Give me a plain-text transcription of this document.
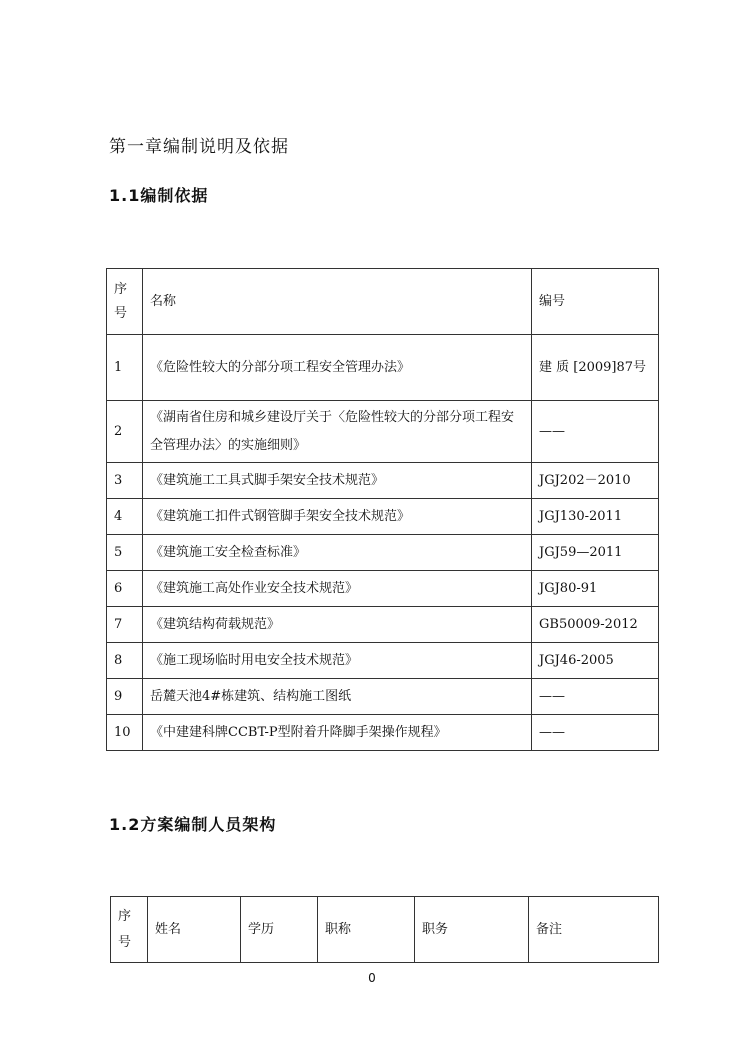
第一章编制说明及依据
1.1编制依据
序号	名称	编号
1	《危险性较大的分部分项工程安全管理办法》	建 质 [2009]87号
2	《湖南省住房和城乡建设厅关于〈危险性较大的分部分项工程安全管理办法〉的实施细则》	——
3	《建筑施工工具式脚手架安全技术规范》	JGJ202－2010
4	《建筑施工扣件式钢管脚手架安全技术规范》	JGJ130-2011
5	《建筑施工安全检查标准》	JGJ59—2011
6	《建筑施工高处作业安全技术规范》	JGJ80-91
7	《建筑结构荷载规范》	GB50009-2012
8	《施工现场临时用电安全技术规范》	JGJ46-2005
9	岳麓天池4#栋建筑、结构施工图纸	——
10	《中建建科牌CCBT-P型附着升降脚手架操作规程》	——
1.2方案编制人员架构
序号	姓名	学历	职称	职务	备注
0
